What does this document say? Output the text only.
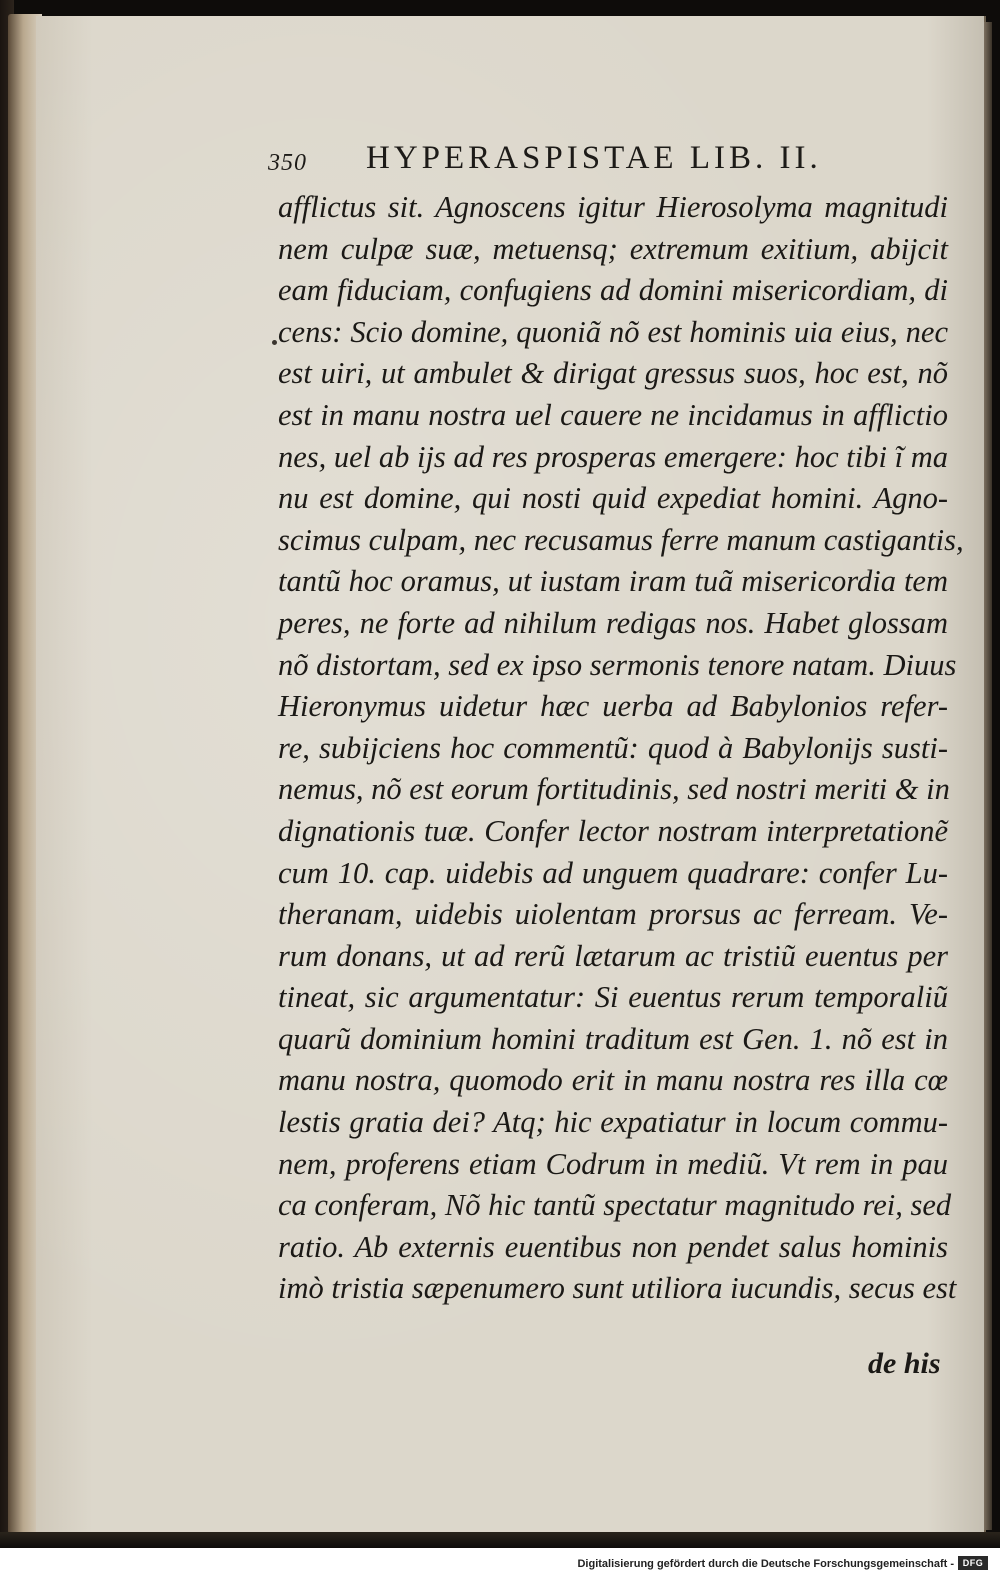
350 HYPERASPISTAE LIB. II.
afflictus sit. Agnoscens igitur Hierosolyma magnitudi
nem culpæ suæ, metuensq; extremum exitium, abijcit
eam fiduciam, confugiens ad domini misericordiam, di
cens: Scio domine, quoniã nõ est hominis uia eius, nec
est uiri, ut ambulet & dirigat gressus suos, hoc est, nõ
est in manu nostra uel cauere ne incidamus in afflictio
nes, uel ab ijs ad res prosperas emergere: hoc tibi ĩ ma
nu est domine, qui nosti quid expediat homini. Agno-
scimus culpam, nec recusamus ferre manum castigantis,
tantũ hoc oramus, ut iustam iram tuã misericordia tem
peres, ne forte ad nihilum redigas nos. Habet glossam
nõ distortam, sed ex ipso sermonis tenore natam. Diuus
Hieronymus uidetur hæc uerba ad Babylonios refer-
re, subijciens hoc commentũ: quod à Babylonijs susti-
nemus, nõ est eorum fortitudinis, sed nostri meriti & in
dignationis tuæ. Confer lector nostram interpretationẽ
cum 10. cap. uidebis ad unguem quadrare: confer Lu-
theranam, uidebis uiolentam prorsus ac ferream. Ve-
rum donans, ut ad rerũ lætarum ac tristiũ euentus per
tineat, sic argumentatur: Si euentus rerum temporaliũ
quarũ dominium homini traditum est Gen. 1. nõ est in
manu nostra, quomodo erit in manu nostra res illa cœ
lestis gratia dei? Atq; hic expatiatur in locum commu-
nem, proferens etiam Codrum in mediũ. Vt rem in pau
ca conferam, Nõ hic tantũ spectatur magnitudo rei, sed
ratio. Ab externis euentibus non pendet salus hominis
imò tristia sæpenumero sunt utiliora iucundis, secus est
de his
Digitalisierung gefördert durch die Deutsche Forschungsgemeinschaft - DFG
